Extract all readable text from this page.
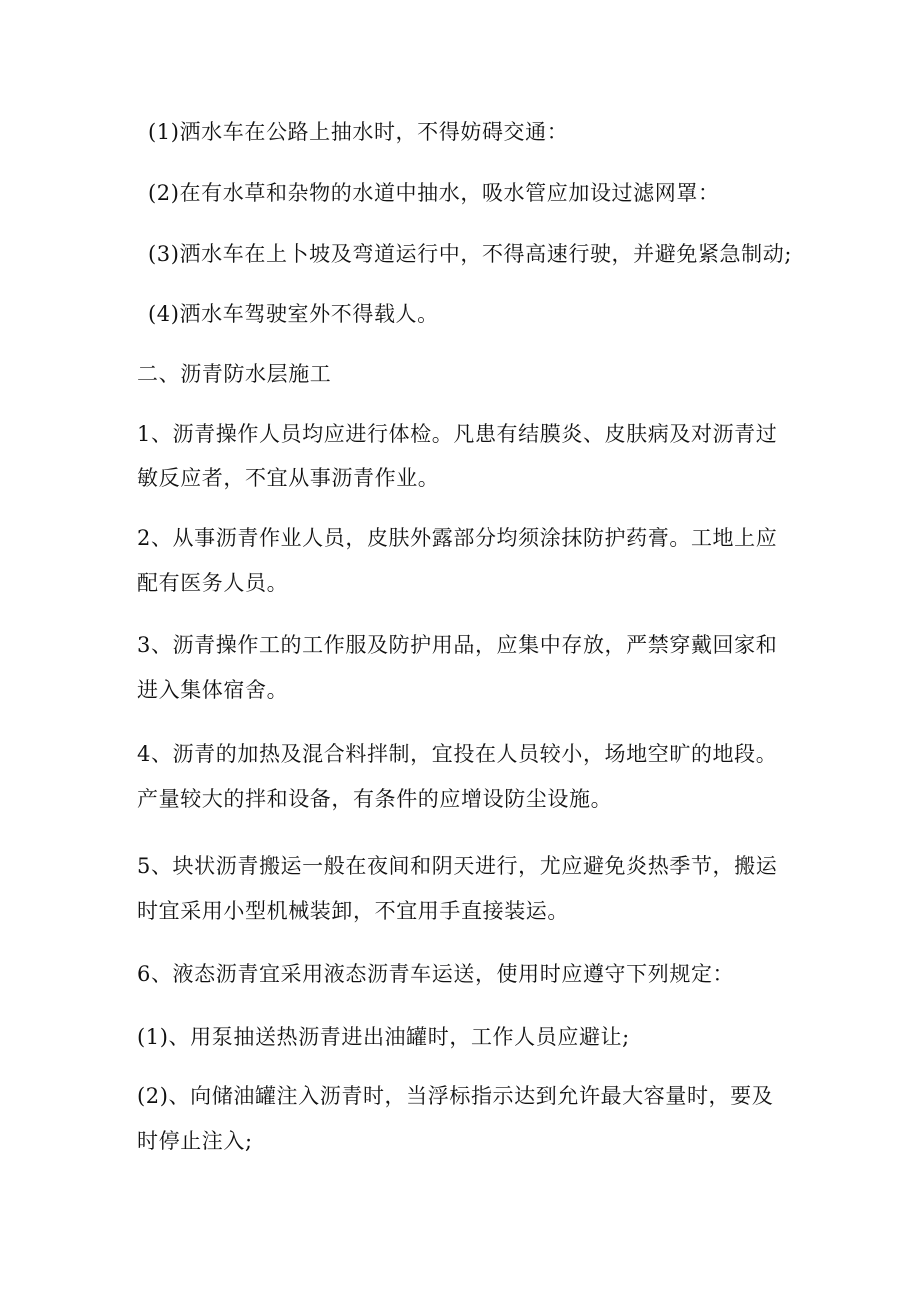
(1)洒水车在公路上抽水时，不得妨碍交通：
(2)在有水草和杂物的水道中抽水，吸水管应加设过滤网罩：
(3)洒水车在上卜坡及弯道运行中，不得高速行驶，并避免紧急制动;
(4)洒水车驾驶室外不得载人。
二、沥青防水层施工
1、沥青操作人员均应进行体检。凡患有结膜炎、皮肤病及对沥青过
敏反应者，不宜从事沥青作业。
2、从事沥青作业人员，皮肤外露部分均须涂抹防护药膏。工地上应
配有医务人员。
3、沥青操作工的工作服及防护用品，应集中存放，严禁穿戴回家和
进入集体宿舍。
4、沥青的加热及混合料拌制，宜投在人员较小，场地空旷的地段。
产量较大的拌和设备，有条件的应增设防尘设施。
5、块状沥青搬运一般在夜间和阴天进行，尤应避免炎热季节，搬运
时宜采用小型机械装卸，不宜用手直接装运。
6、液态沥青宜采用液态沥青车运送，使用时应遵守下列规定：
(1)、用泵抽送热沥青进出油罐时，工作人员应避让;
(2)、向储油罐注入沥青时，当浮标指示达到允许最大容量时，要及
时停止注入;
